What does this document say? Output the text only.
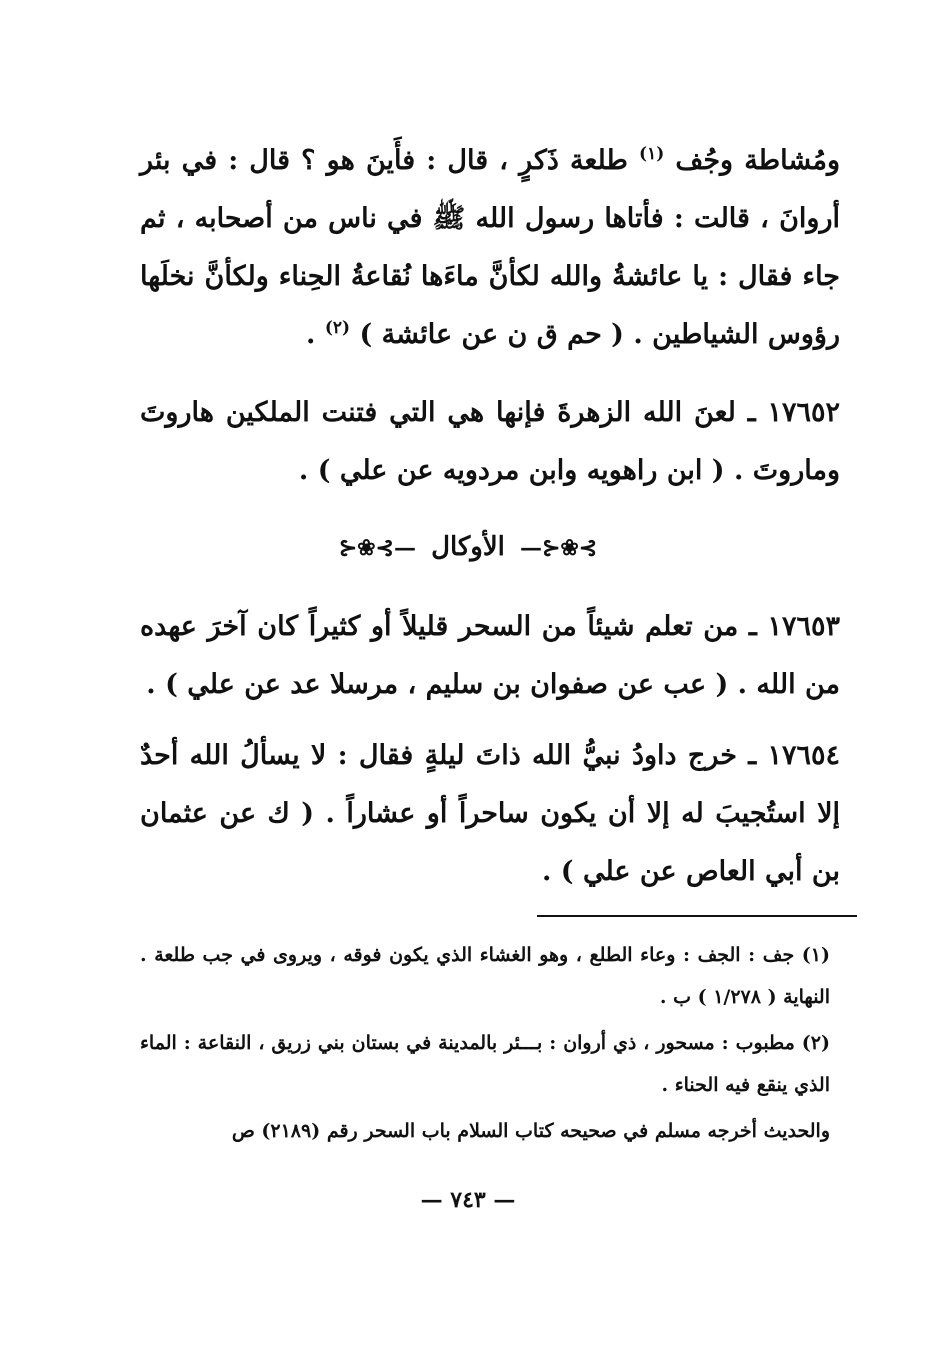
ومُشاطة وجُف $^{(١)}$ طلعة ذَكرٍ ، قال : فأَينَ هو ؟ قال : في بئر أروانَ ، قالت : فأتاها رسول الله ﷺ في ناس من أصحابه ، ثم جاء فقال : يا عائشةُ والله لكأنَّ ماءَها نُقاعةُ الحِناء ولكأنَّ نخلَها رؤوس الشياطين . ( حم ق ن عن عائشة ) $^{(٢)}$ .

١٧٦٥٢ ـ لعنَ الله الزهرةَ فإنها هي التي فتنت الملكين هاروتَ وماروتَ . ( ابن راهويه وابن مردويه عن علي ) .

⊱❀⊰— الأوكال —⊱❀⊰

١٧٦٥٣ ـ من تعلم شيئاً من السحر قليلاً أو كثيراً كان آخرَ عهده من الله . ( عب عن صفوان بن سليم ، مرسلا عد عن علي ) .

١٧٦٥٤ ـ خرج داودُ نبيُّ الله ذاتَ ليلةٍ فقال : لا يسألُ الله أحدٌ إلا استُجيبَ له إلا أن يكون ساحراً أو عشاراً . ( ك عن عثمان بن أبي العاص عن علي ) .

(١) جف : الجف : وعاء الطلع ، وهو الغشاء الذي يكون فوقه ، ويروى في جب طلعة . النهاية ( ١/٢٧٨ ) ب .

(٢) مطبوب : مسحور ، ذي أروان : بـــئر بالمدينة في بستان بني زريق ، النقاعة : الماء الذي ينقع فيه الحناء .

والحديث أخرجه مسلم في صحيحه كتاب السلام باب السحر رقم (٢١٨٩) ص

— ٧٤٣ —
